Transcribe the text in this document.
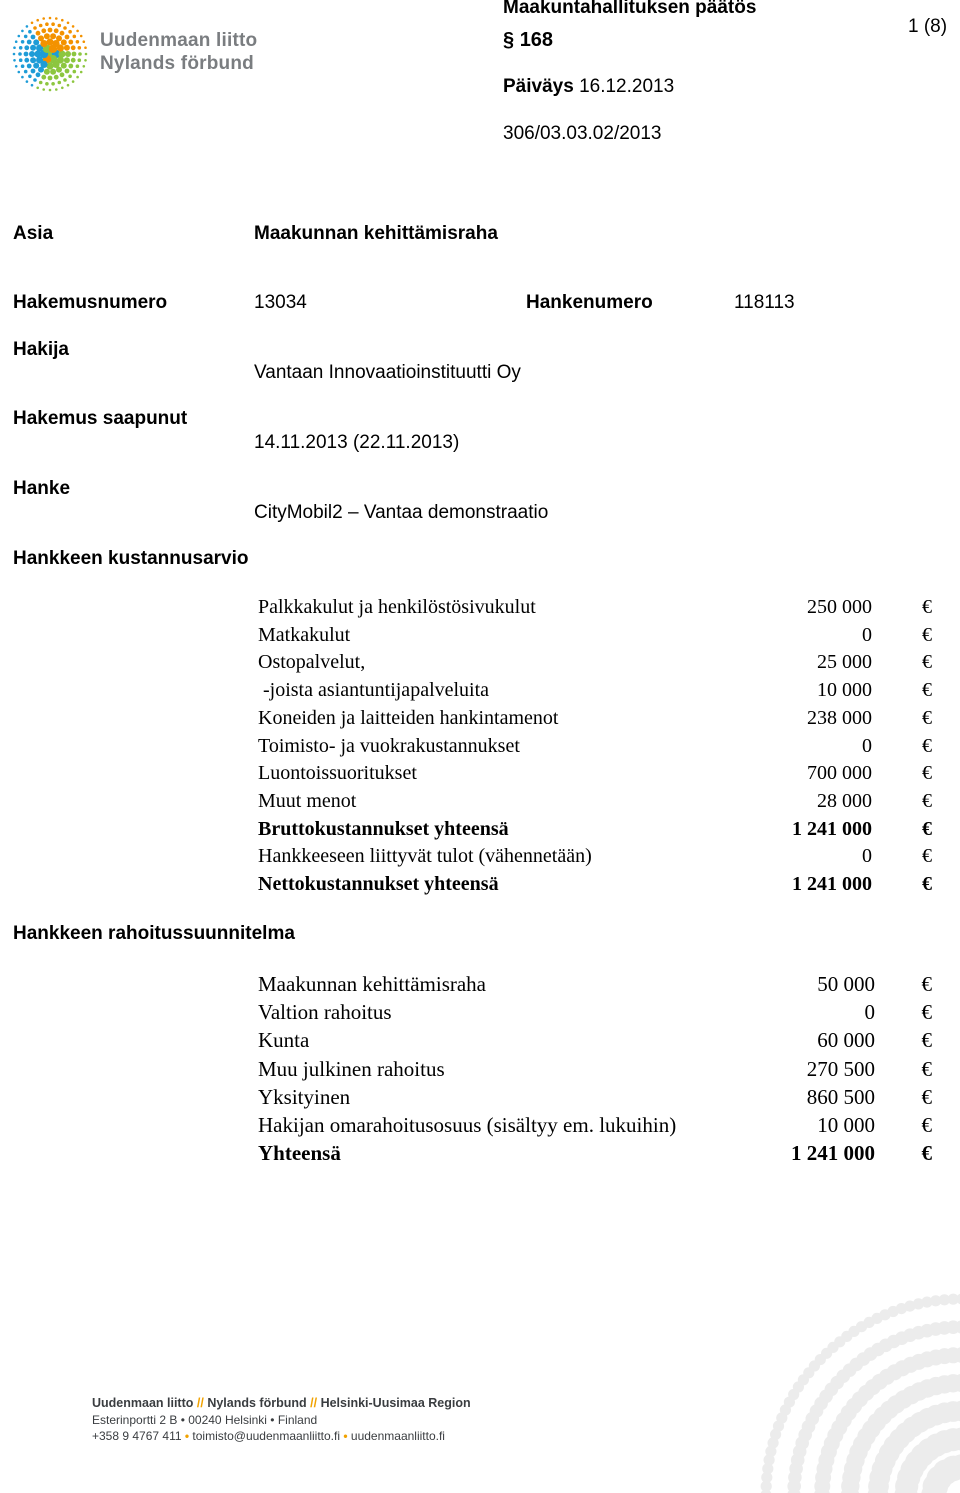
Uudenmaan liitto
Nylands förbund
Maakuntahallituksen päätös
§ 168
1 (8)
Päiväys 16.12.2013
306/03.03.02/2013
Asia	Maakunnan kehittämisraha
Hakemusnumero	13034	Hankenumero	118113
Hakija
Vantaan Innovaatioinstituutti Oy
Hakemus saapunut
14.11.2013 (22.11.2013)
Hanke
CityMobil2 – Vantaa demonstraatio
Hankkeen kustannusarvio
Palkkakulut ja henkilöstösivukulut	250 000	€
Matkakulut	0	€
Ostopalvelut,	25 000	€
-joista asiantuntijapalveluita	10 000	€
Koneiden ja laitteiden hankintamenot	238 000	€
Toimisto- ja vuokrakustannukset	0	€
Luontoissuoritukset	700 000	€
Muut menot	28 000	€
Bruttokustannukset yhteensä	1 241 000	€
Hankkeeseen liittyvät tulot (vähennetään)	0	€
Nettokustannukset yhteensä	1 241 000	€
Hankkeen rahoitussuunnitelma
Maakunnan kehittämisraha	50 000 €
Valtion rahoitus	0 €
Kunta	60 000 €
Muu julkinen rahoitus	270 500 €
Yksityinen	860 500 €
Hakijan omarahoitusosuus (sisältyy em. lukuihin)	10 000 €
Yhteensä	1 241 000 €
Uudenmaan liitto // Nylands förbund // Helsinki-Uusimaa Region
Esterinportti 2 B • 00240 Helsinki • Finland
+358 9 4767 411 • toimisto@uudenmaanliitto.fi • uudenmaanliitto.fi
